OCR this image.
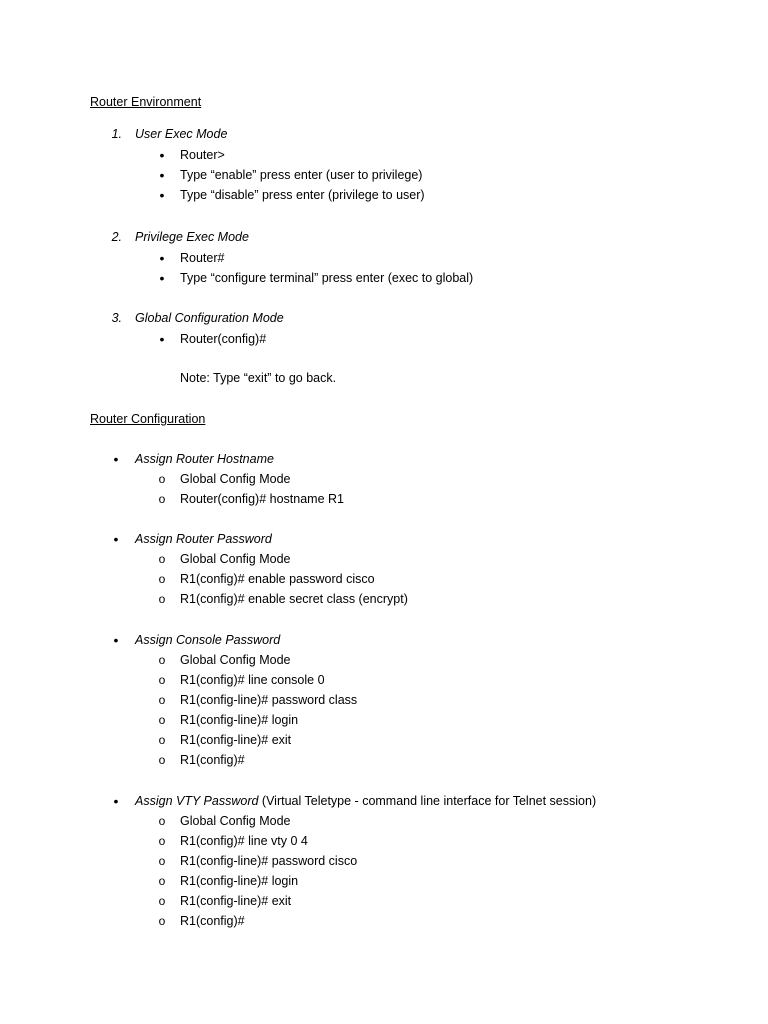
Router Environment
1. User Exec Mode
•	Router>
•	Type “enable” press enter (user to privilege)
•	Type “disable” press enter (privilege to user)
2. Privilege Exec Mode
•	Router#
•	Type “configure terminal” press enter (exec to global)
3. Global Configuration Mode
•	Router(config)#
Note: Type “exit” to go back.
Router Configuration
•	Assign Router Hostname
o Global Config Mode
o Router(config)# hostname R1
•	Assign Router Password
o Global Config Mode
o R1(config)# enable password cisco
o R1(config)# enable secret class (encrypt)
•	Assign Console Password
o Global Config Mode
o R1(config)# line console 0
o R1(config-line)# password class
o R1(config-line)# login
o R1(config-line)# exit
o R1(config)#
•	Assign VTY Password (Virtual Teletype - command line interface for Telnet session)
o Global Config Mode
o R1(config)# line vty 0 4
o R1(config-line)# password cisco
o R1(config-line)# login
o R1(config-line)# exit
o R1(config)#
